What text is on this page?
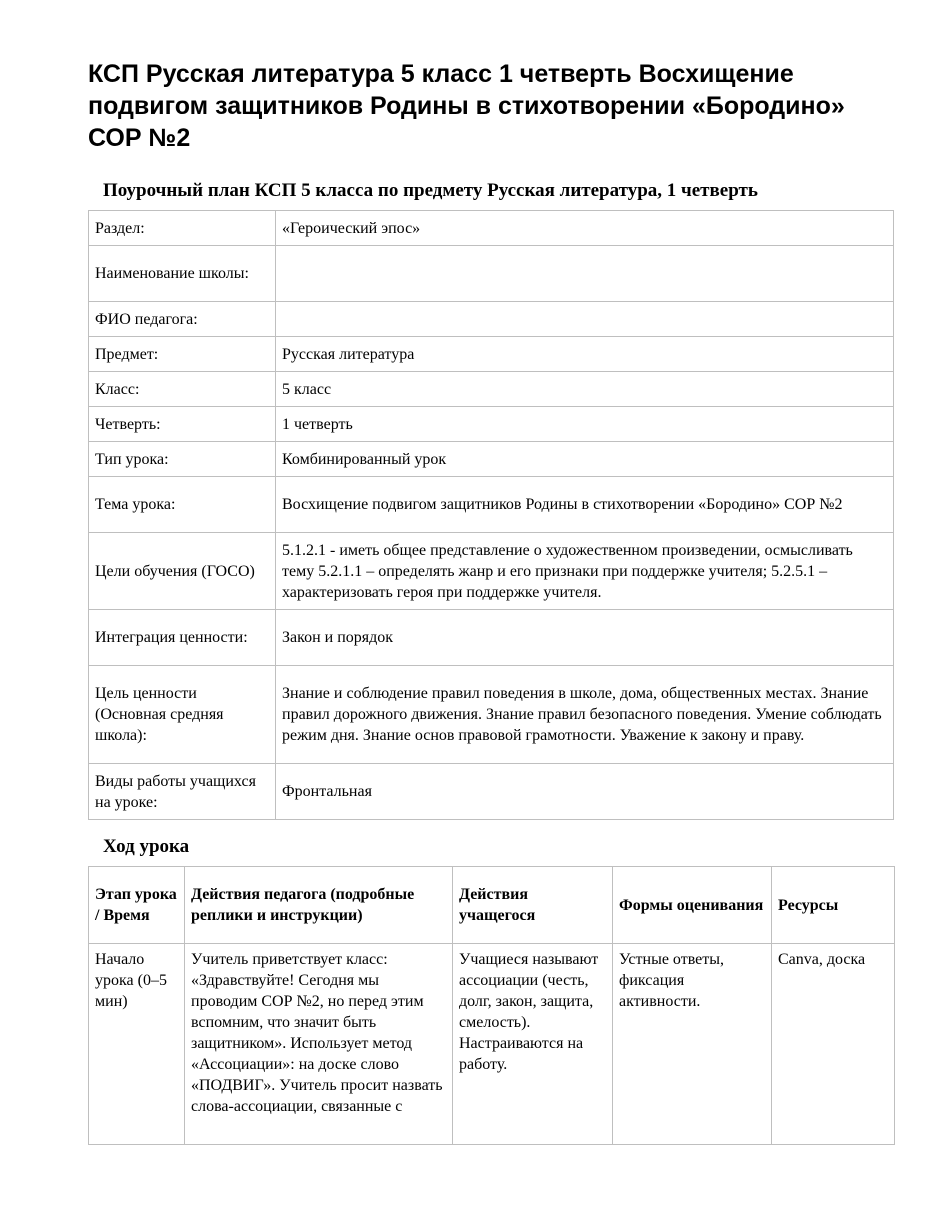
КСП Русская литература 5 класс 1 четверть Восхищение подвигом защитников Родины в стихотворении «Бородино» СОР №2
Поурочный план КСП 5 класса по предмету Русская литература, 1 четверть
Раздел:	«Героический эпос»
Наименование школы:	
ФИО педагога:	
Предмет:	Русская литература
Класс:	5 класс
Четверть:	1 четверть
Тип урока:	Комбинированный урок
Тема урока:	Восхищение подвигом защитников Родины в стихотворении «Бородино» СОР №2
Цели обучения (ГОСО)	5.1.2.1 - иметь общее представление о художественном произведении, осмысливать тему 5.2.1.1 – определять жанр и его признаки при поддержке учителя; 5.2.5.1 – характеризовать героя при поддержке учителя.
Интеграция ценности:	Закон и порядок
Цель ценности (Основная средняя школа):	Знание и соблюдение правил поведения в школе, дома, общественных местах. Знание правил дорожного движения. Знание правил безопасного поведения. Умение соблюдать режим дня. Знание основ правовой грамотности. Уважение к закону и праву.
Виды работы учащихся на уроке:	Фронтальная
Ход урока
Этап урока / Время	Действия педагога (подробные реплики и инструкции)	Действия учащегося	Формы оценивания	Ресурсы
Начало урока (0–5 мин)	Учитель приветствует класс: «Здравствуйте! Сегодня мы проводим СОР №2, но перед этим вспомним, что значит быть защитником». Использует метод «Ассоциации»: на доске слово «ПОДВИГ». Учитель просит назвать слова-ассоциации, связанные с	Учащиеся называют ассоциации (честь, долг, закон, защита, смелость). Настраиваются на работу.	Устные ответы, фиксация активности.	Canva, доска
